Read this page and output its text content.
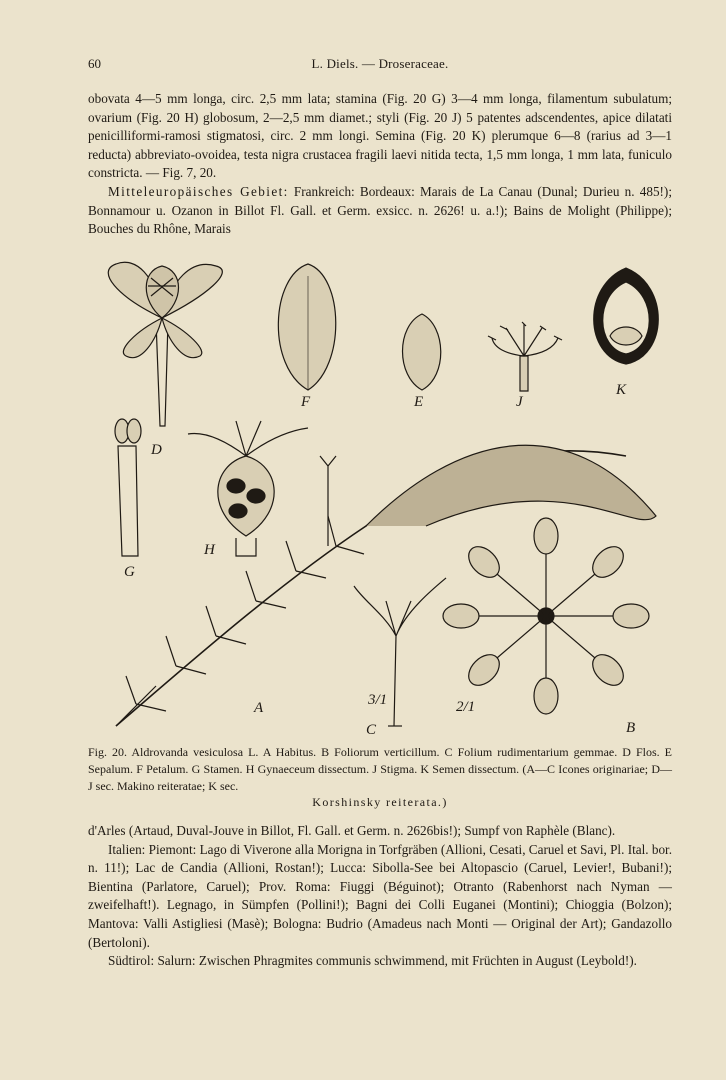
60	L. Diels. — Droseraceae.

obovata 4—5 mm longa, circ. 2,5 mm lata; stamina (Fig. 20 G) 3—4 mm longa, filamentum subulatum; ovarium (Fig. 20 H) globosum, 2—2,5 mm diamet.; styli (Fig. 20 J) 5 patentes adscendentes, apice dilatati penicilliformi-ramosi stigmatosi, circ. 2 mm longi. Semina (Fig. 20 K) plerumque 6—8 (rarius ad 3—1 reducta) abbreviato-ovoidea, testa nigra crustacea fragili laevi nitida tecta, 1,5 mm longa, 1 mm lata, funiculo constricta. — Fig. 7, 20.

Mitteleuropäisches Gebiet: Frankreich: Bordeaux: Marais de La Canau (Dunal; Durieu n. 485!); Bonnamour u. Ozanon in Billot Fl. Gall. et Germ. exsicc. n. 2626! u. a.!); Bains de Molight (Philippe); Bouches du Rhône, Marais

D
F	E	J
K
G
H
A	3/1
C
2/1
B

Fig. 20. Aldrovanda vesiculosa L. A Habitus. B Foliorum verticillum. C Folium rudimentarium gemmae. D Flos. E Sepalum. F Petalum. G Stamen. H Gynaeceum dissectum. J Stigma. K Semen dissectum. (A—C Icones originariae; D—J sec. Makino reiteratae; K sec.

Korshinsky reiterata.)

d'Arles (Artaud, Duval-Jouve in Billot, Fl. Gall. et Germ. n. 2626bis!); Sumpf von Raphèle (Blanc).

Italien: Piemont: Lago di Viverone alla Morigna in Torfgräben (Allioni, Cesati, Caruel et Savi, Pl. Ital. bor. n. 11!); Lac de Candia (Allioni, Rostan!); Lucca: Sibolla-See bei Altopascio (Caruel, Levier!, Bubani!); Bientina (Parlatore, Caruel); Prov. Roma: Fiuggi (Béguinot); Otranto (Rabenhorst nach Nyman — zweifelhaft!). Legnago, in Sümpfen (Pollini!); Bagni dei Colli Euganei (Montini); Chioggia (Bolzon); Mantova: Valli Astigliesi (Masè); Bologna: Budrio (Amadeus nach Monti — Original der Art); Gandazollo (Bertoloni).

Südtirol: Salurn: Zwischen Phragmites communis schwimmend, mit Früchten in August (Leybold!).
